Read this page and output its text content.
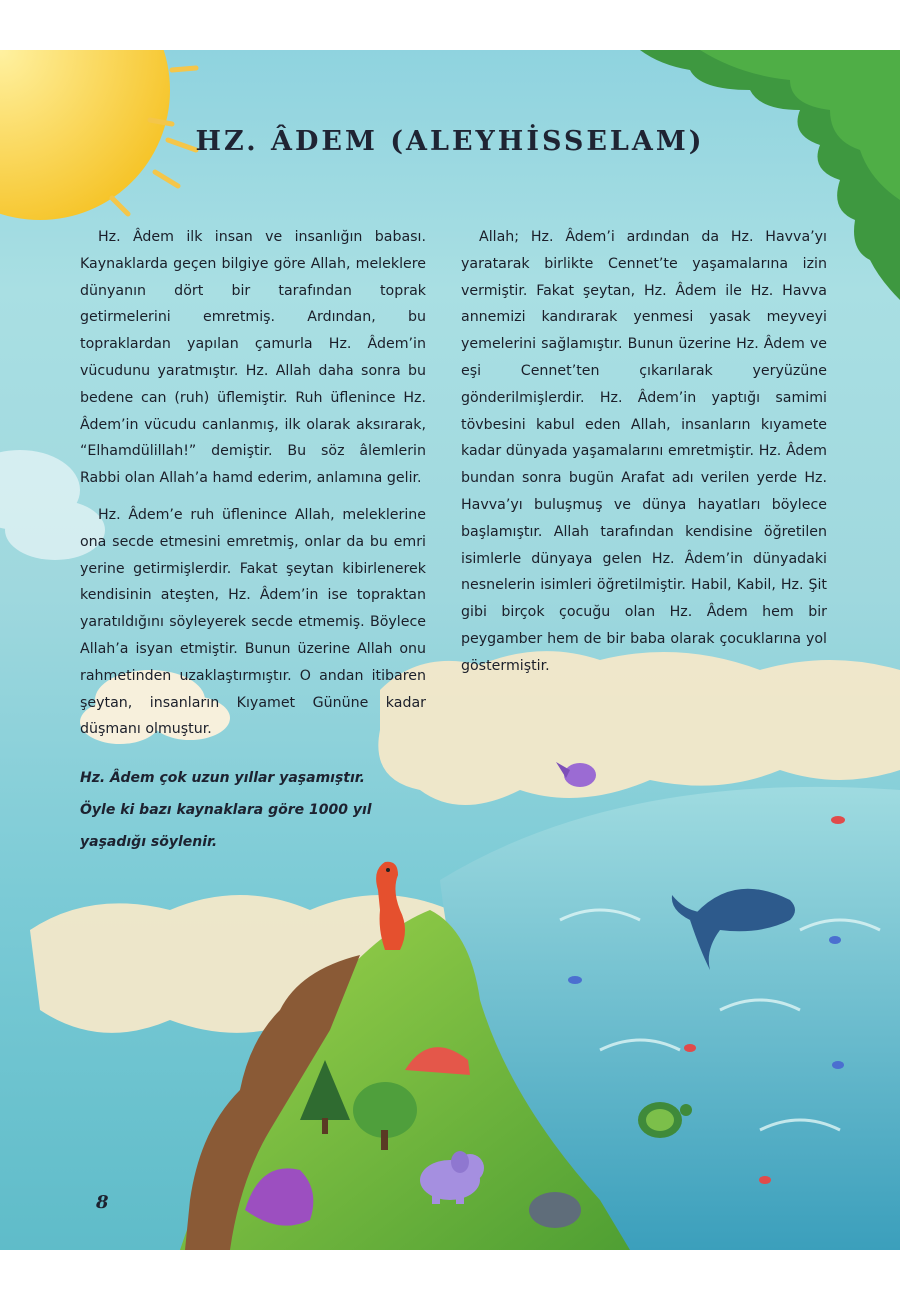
HZ. ÂDEM (ALEYHİSSELAM)

Hz. Âdem ilk insan ve insanlığın babası. Kaynaklarda geçen bilgiye göre Allah, meleklere dünyanın dört bir tarafından toprak getirmelerini emretmiş. Ardından, bu topraklardan yapılan çamurla Hz. Âdem’in vücudunu yaratmıştır. Hz. Allah daha sonra bu bedene can (ruh) üflemiştir. Ruh üflenince Hz. Âdem’in vücudu canlanmış, ilk olarak aksırarak, “Elhamdülillah!” demiştir. Bu söz âlemlerin Rabbi olan Allah’a hamd ederim, anlamına gelir.

Hz. Âdem’e ruh üflenince Allah, meleklerine ona secde etmesini emretmiş, onlar da bu emri yerine getirmişlerdir. Fakat şeytan kibirlenerek kendisinin ateşten, Hz. Âdem’in ise topraktan yaratıldığını söyleyerek secde etmemiş. Böylece Allah’a isyan etmiştir. Bunun üzerine Allah onu rahmetinden uzaklaştırmıştır. O andan itibaren şeytan, insanların Kıyamet Gününe kadar düşmanı olmuştur.

Allah; Hz. Âdem’i ardından da Hz. Havva’yı yaratarak birlikte Cennet’te yaşamalarına izin vermiştir. Fakat şeytan, Hz. Âdem ile Hz. Havva annemizi kandırarak yenmesi yasak meyveyi yemelerini sağlamıştır. Bunun üzerine Hz. Âdem ve eşi Cennet’ten çıkarılarak yeryüzüne gönderilmişlerdir. Hz. Âdem’in yaptığı samimi tövbesini kabul eden Allah, insanların kıyamete kadar dünyada yaşamalarını emretmiştir. Hz. Âdem bundan sonra bugün Arafat adı verilen yerde Hz. Havva’yı buluşmuş ve dünya hayatları böylece başlamıştır. Allah tarafından kendisine öğretilen isimlerle dünyaya gelen Hz. Âdem’in dünyadaki nesnelerin isimleri öğretilmiştir. Habil, Kabil, Hz. Şit gibi birçok çocuğu olan Hz. Âdem hem bir peygamber hem de bir baba olarak çocuklarına yol göstermiştir.

Hz. Âdem çok uzun yıllar yaşamıştır.
Öyle ki bazı kaynaklara göre 1000 yıl
yaşadığı söylenir.
8
